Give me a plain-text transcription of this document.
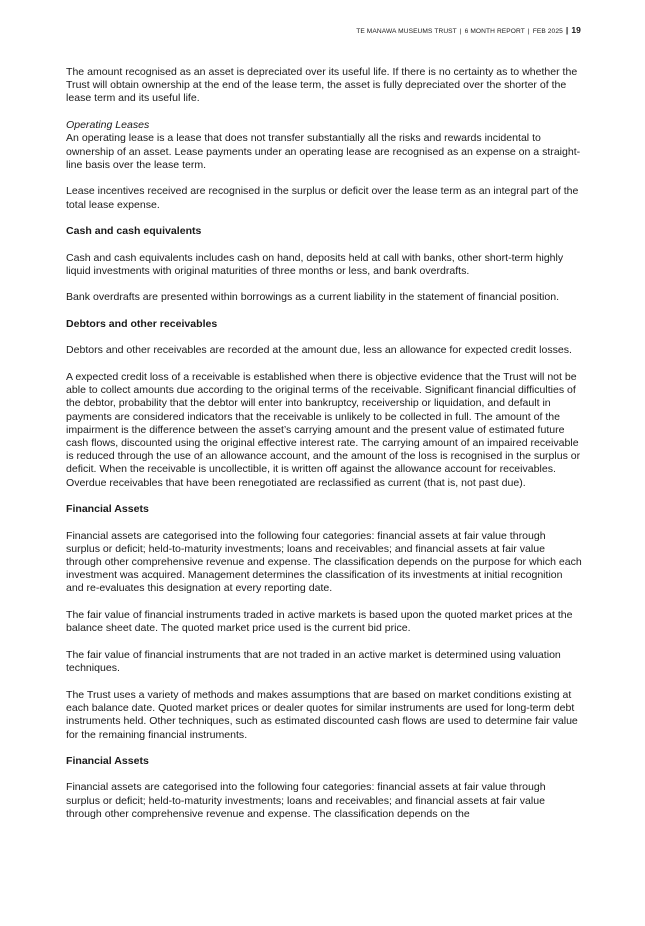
TE MANAWA MUSEUMS TRUST | 6 MONTH REPORT | FEB 2025 | 19

The amount recognised as an asset is depreciated over its useful life. If there is no certainty as to whether the Trust will obtain ownership at the end of the lease term, the asset is fully depreciated over the shorter of the lease term and its useful life.

Operating Leases

An operating lease is a lease that does not transfer substantially all the risks and rewards incidental to ownership of an asset. Lease payments under an operating lease are recognised as an expense on a straight-line basis over the lease term.

Lease incentives received are recognised in the surplus or deficit over the lease term as an integral part of the total lease expense.

Cash and cash equivalents

Cash and cash equivalents includes cash on hand, deposits held at call with banks, other short-term highly liquid investments with original maturities of three months or less, and bank overdrafts.

Bank overdrafts are presented within borrowings as a current liability in the statement of financial position.

Debtors and other receivables

Debtors and other receivables are recorded at the amount due, less an allowance for expected credit losses.

A expected credit loss of a receivable is established when there is objective evidence that the Trust will not be able to collect amounts due according to the original terms of the receivable. Significant financial difficulties of the debtor, probability that the debtor will enter into bankruptcy, receivership or liquidation, and default in payments are considered indicators that the receivable is unlikely to be collected in full. The amount of the impairment is the difference between the asset’s carrying amount and the present value of estimated future cash flows, discounted using the original effective interest rate. The carrying amount of an impaired receivable is reduced through the use of an allowance account, and the amount of the loss is recognised in the surplus or deficit. When the receivable is uncollectible, it is written off against the allowance account for receivables. Overdue receivables that have been renegotiated are reclassified as current (that is, not past due).

Financial Assets

Financial assets are categorised into the following four categories: financial assets at fair value through surplus or deficit; held-to-maturity investments; loans and receivables; and financial assets at fair value through other comprehensive revenue and expense. The classification depends on the purpose for which each investment was acquired. Management determines the classification of its investments at initial recognition and re-evaluates this designation at every reporting date.

The fair value of financial instruments traded in active markets is based upon the quoted market prices at the balance sheet date. The quoted market price used is the current bid price.

The fair value of financial instruments that are not traded in an active market is determined using valuation techniques.

The Trust uses a variety of methods and makes assumptions that are based on market conditions existing at each balance date. Quoted market prices or dealer quotes for similar instruments are used for long-term debt instruments held. Other techniques, such as estimated discounted cash flows are used to determine fair value for the remaining financial instruments.

Financial Assets

Financial assets are categorised into the following four categories: financial assets at fair value through surplus or deficit; held-to-maturity investments; loans and receivables; and financial assets at fair value through other comprehensive revenue and expense. The classification depends on the
